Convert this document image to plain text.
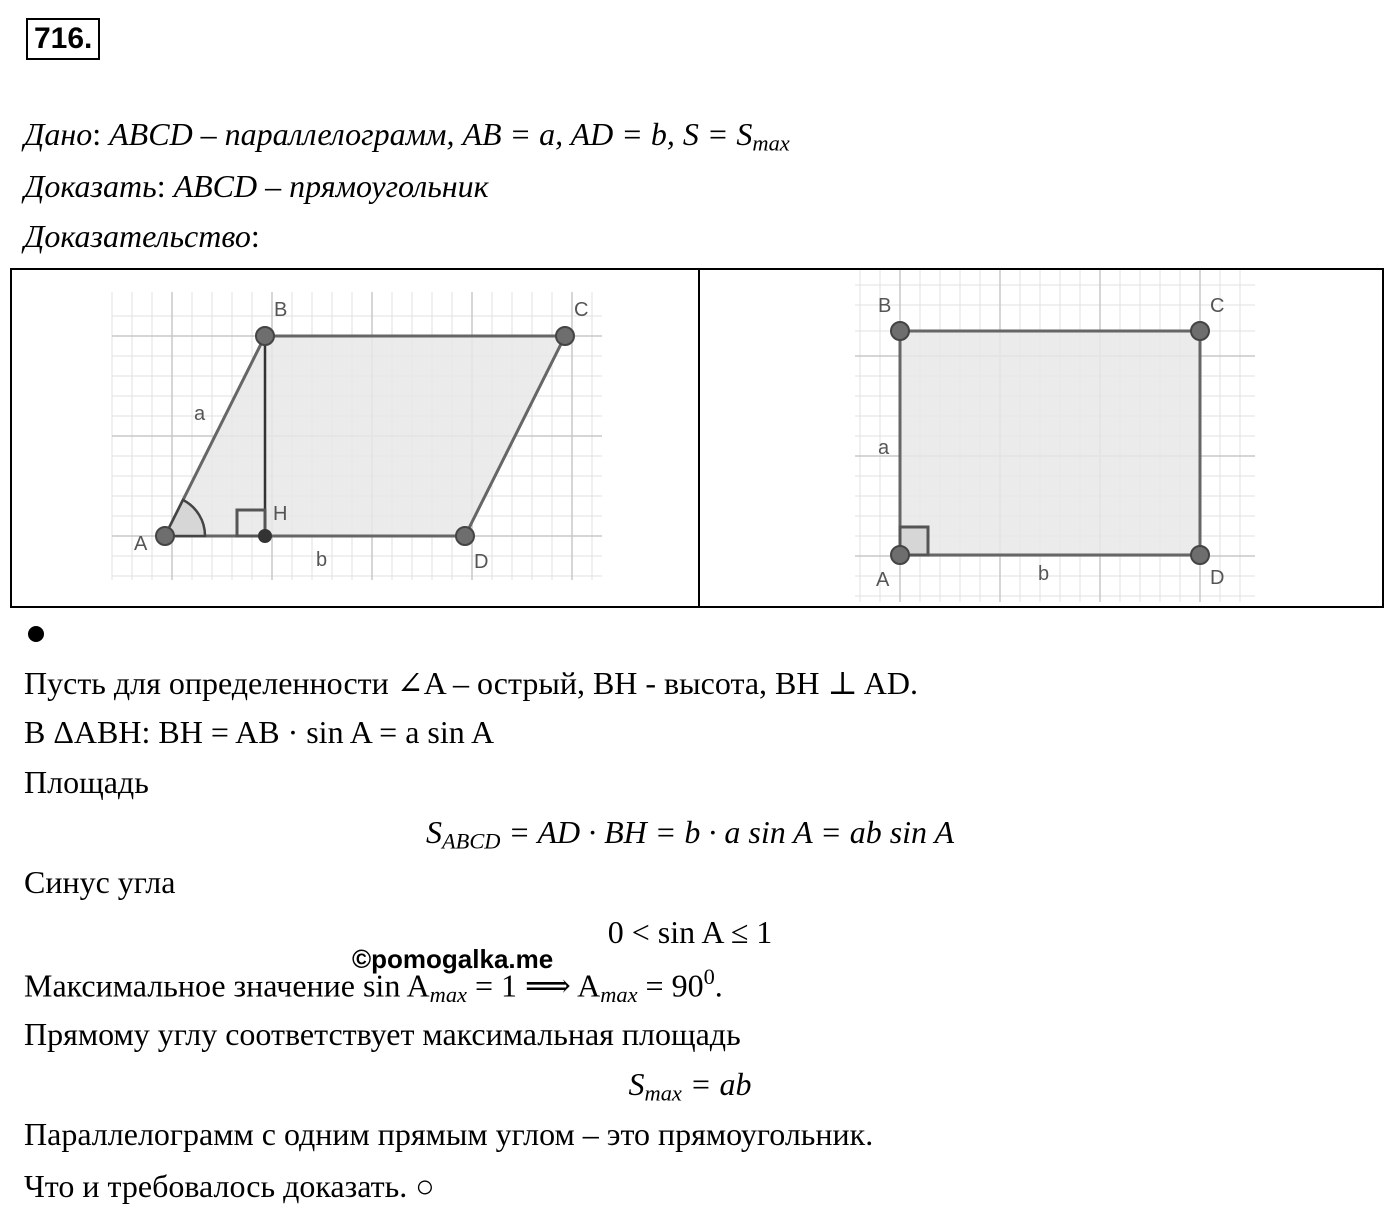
716.
Дано: ABCD – параллелограмм, AB = a, AD = b, $S = S_{max}$
Доказать: ABCD – прямоугольник
Доказательство:
A
B	C
D
H
a
b
A
B	C
D
a
b
Пусть для определенности ∠A – острый, BH - высота, BH ⊥ AD.
В ΔABH: BH = AB · sin A = a sin A
Площадь
$S_{ABCD}$ = AD · BH = b · a sin A = ab sin A
Синус угла
0 < sin A ≤ 1
Максимальное значение $\sin A_{max} = 1$ ⟹ $A_{max} = 90^0$.
©pomogalka.me
Прямому углу соответствует максимальная площадь
$S_{max}$ = ab
Параллелограмм с одним прямым углом – это прямоугольник.
Что и требовалось доказать. ○
